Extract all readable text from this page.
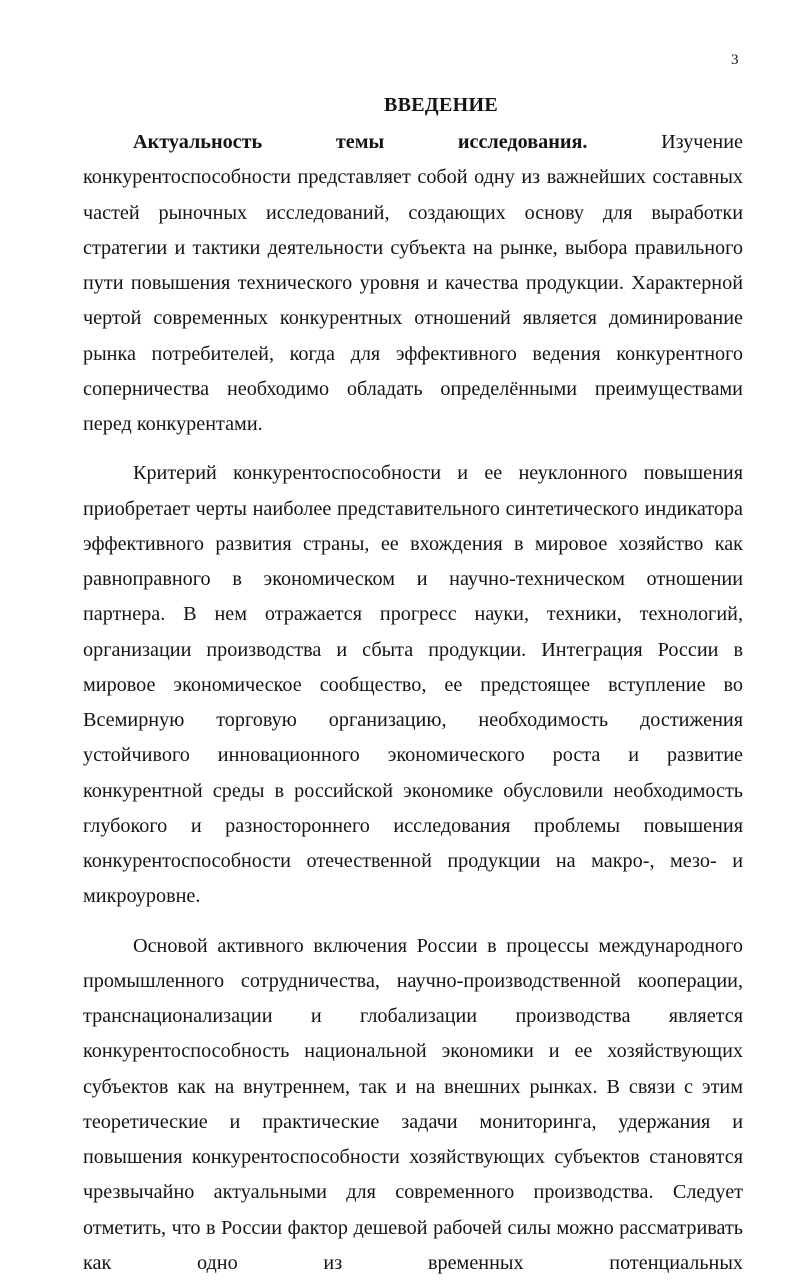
3
ВВЕДЕНИЕ

Актуальность темы исследования. Изучение конкурентоспособности представляет собой одну из важнейших составных частей рыночных исследований, создающих основу для выработки стратегии и тактики деятельности субъекта на рынке, выбора правильного пути повышения технического уровня и качества продукции. Характерной чертой современных конкурентных отношений является доминирование рынка потребителей, когда для эффективного ведения конкурентного соперничества необходимо обладать определёнными преимуществами перед конкурентами.

Критерий конкурентоспособности и ее неуклонного повышения приобретает черты наиболее представительного синтетического индикатора эффективного развития страны, ее вхождения в мировое хозяйство как равноправного в экономическом и научно-техническом отношении партнера. В нем отражается прогресс науки, техники, технологий, организации производства и сбыта продукции. Интеграция России в мировое экономическое сообщество, ее предстоящее вступление во Всемирную торговую организацию, необходимость достижения устойчивого инновационного экономического роста и развитие конкурентной среды в российской экономике обусловили необходимость глубокого и разностороннего исследования проблемы повышения конкурентоспособности отечественной продукции на макро-, мезо- и микроуровне.

Основой активного включения России в процессы международного промышленного сотрудничества, научно-производственной кооперации, транснационализации и глобализации производства является конкурентоспособность национальной экономики и ее хозяйствующих субъектов как на внутреннем, так и на внешних рынках. В связи с этим теоретические и практические задачи мониторинга, удержания и повышения конкурентоспособности хозяйствующих субъектов становятся чрезвычайно актуальными для современного производства. Следует отметить, что в России фактор дешевой рабочей силы можно рассматривать как одно из временных потенциальных
